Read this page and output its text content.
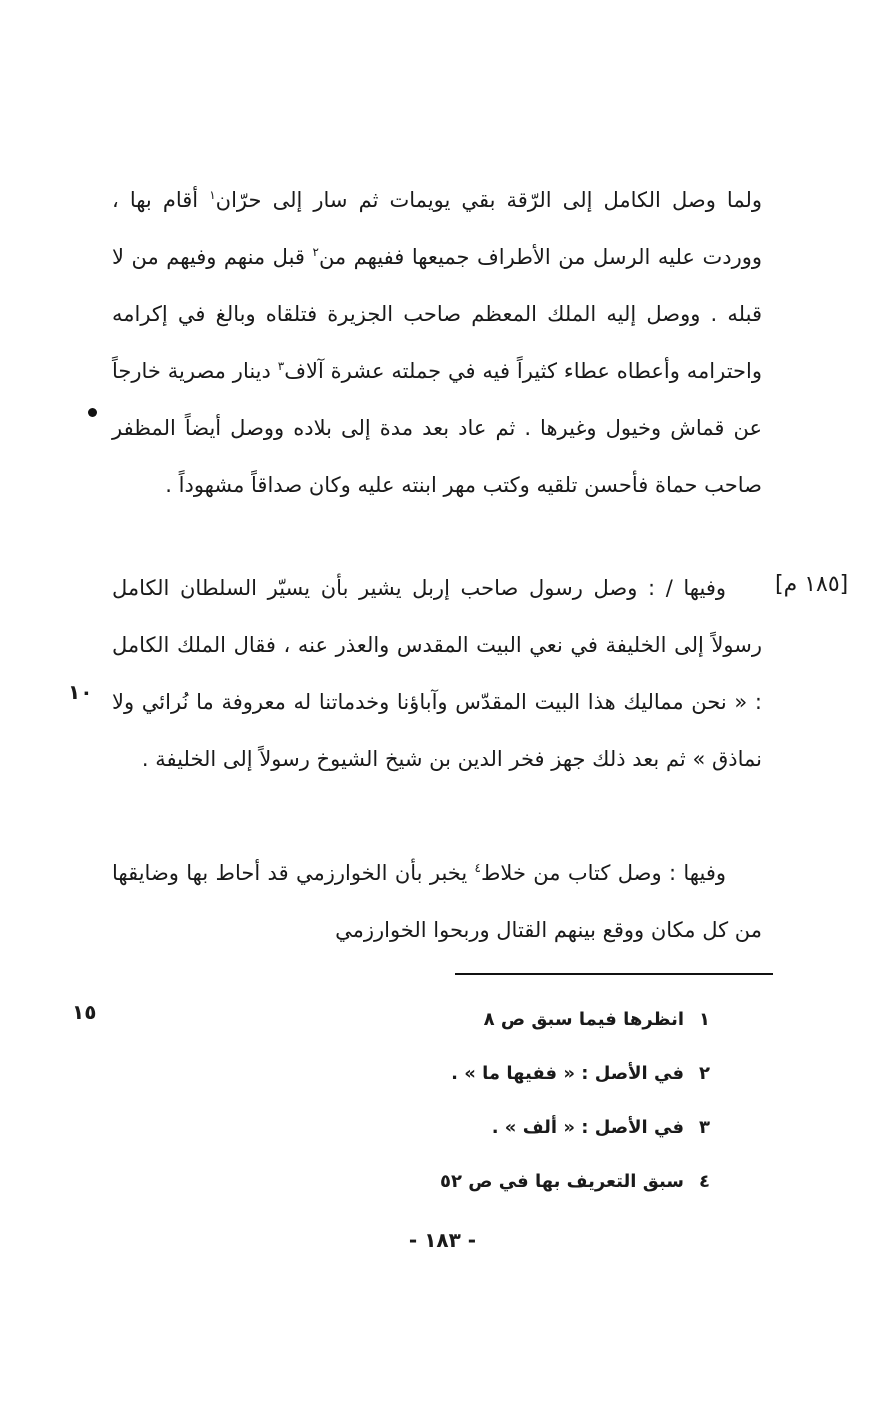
ولما وصل الكامل إلى الرّقة بقي يويمات ثم سار إلى حرّان$^١$ أقام بها ، ووردت عليه الرسل من الأطراف جميعها ففيهم من$^٢$ قبل منهم وفيهم من لا قبله . ووصل إليه الملك المعظم صاحب الجزيرة فتلقاه وبالغ في إكرامه واحترامه وأعطاه عطاء كثيراً فيه في جملته عشرة آلاف$^٣$ دينار مصرية خارجاً عن قماش وخيول وغيرها . ثم عاد بعد مدة إلى بلاده ووصل أيضاً المظفر صاحب حماة فأحسن تلقيه وكتب مهر ابنته عليه وكان صداقاً مشهوداً .
[١٨٥ م]
وفيها / : وصل رسول صاحب إربل يشير بأن يسيّر السلطان الكامل رسولاً إلى الخليفة في نعي البيت المقدس والعذر عنه ، فقال الملك الكامل : « نحن مماليك هذا البيت المقدّس وآباؤنا وخدماتنا له معروفة ما نُرائي ولا نماذق » ثم بعد ذلك جهز فخر الدين بن شيخ الشيوخ رسولاً إلى الخليفة .
١٠
وفيها : وصل كتاب من خلاط$^٤$ يخبر بأن الخوارزمي قد أحاط بها وضايقها من كل مكان ووقع بينهم القتال وربحوا الخوارزمي
١٥	١انظرها فيما سبق ص ٨
٢في الأصل : « ففيها ما » .
٣في الأصل : « ألف » .
٤سبق التعريف بها في ص ٥٢
- ١٨٣ -
